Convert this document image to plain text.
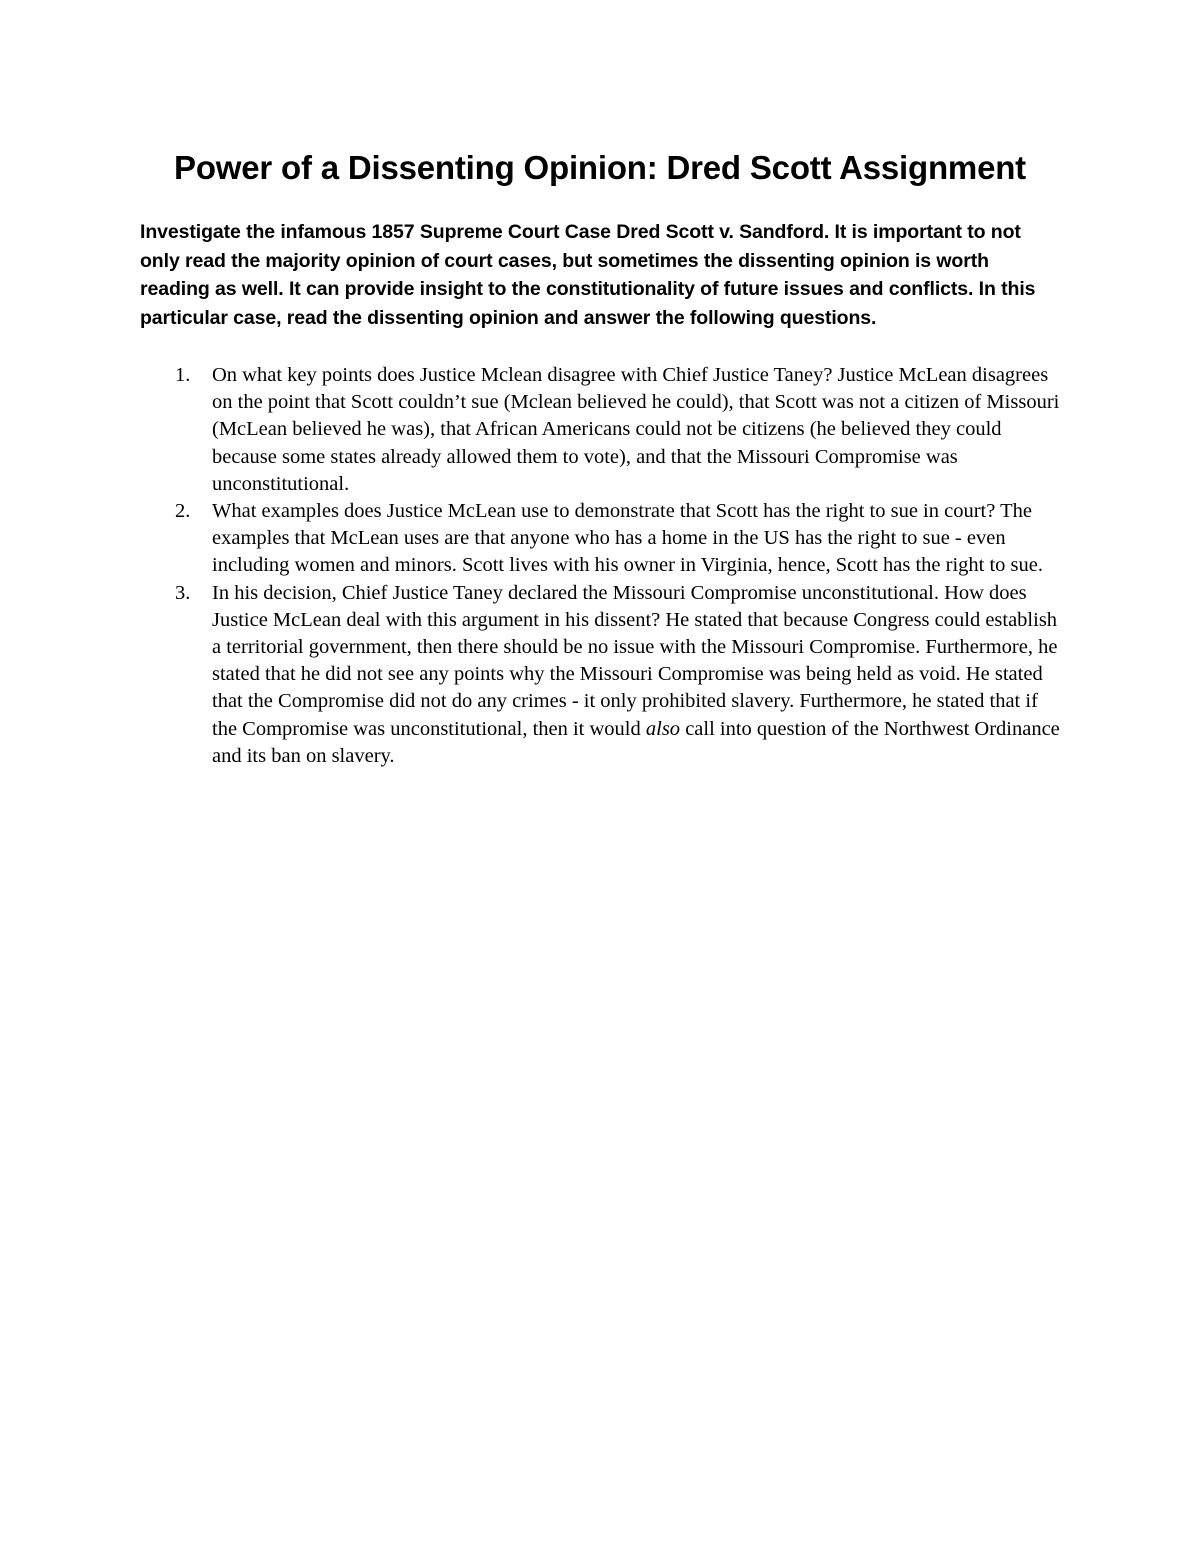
Power of a Dissenting Opinion: Dred Scott Assignment

Investigate the infamous 1857 Supreme Court Case Dred Scott v. Sandford. It is important to not only read the majority opinion of court cases, but sometimes the dissenting opinion is worth reading as well. It can provide insight to the constitutionality of future issues and conflicts. In this particular case, read the dissenting opinion and answer the following questions.

1. On what key points does Justice Mclean disagree with Chief Justice Taney? Justice McLean disagrees on the point that Scott couldn’t sue (Mclean believed he could), that Scott was not a citizen of Missouri (McLean believed he was), that African Americans could not be citizens (he believed they could because some states already allowed them to vote), and that the Missouri Compromise was unconstitutional.
2. What examples does Justice McLean use to demonstrate that Scott has the right to sue in court? The examples that McLean uses are that anyone who has a home in the US has the right to sue - even including women and minors. Scott lives with his owner in Virginia, hence, Scott has the right to sue.
3. In his decision, Chief Justice Taney declared the Missouri Compromise unconstitutional. How does Justice McLean deal with this argument in his dissent? He stated that because Congress could establish a territorial government, then there should be no issue with the Missouri Compromise. Furthermore, he stated that he did not see any points why the Missouri Compromise was being held as void. He stated that the Compromise did not do any crimes - it only prohibited slavery. Furthermore, he stated that if the Compromise was unconstitutional, then it would also call into question of the Northwest Ordinance and its ban on slavery.
